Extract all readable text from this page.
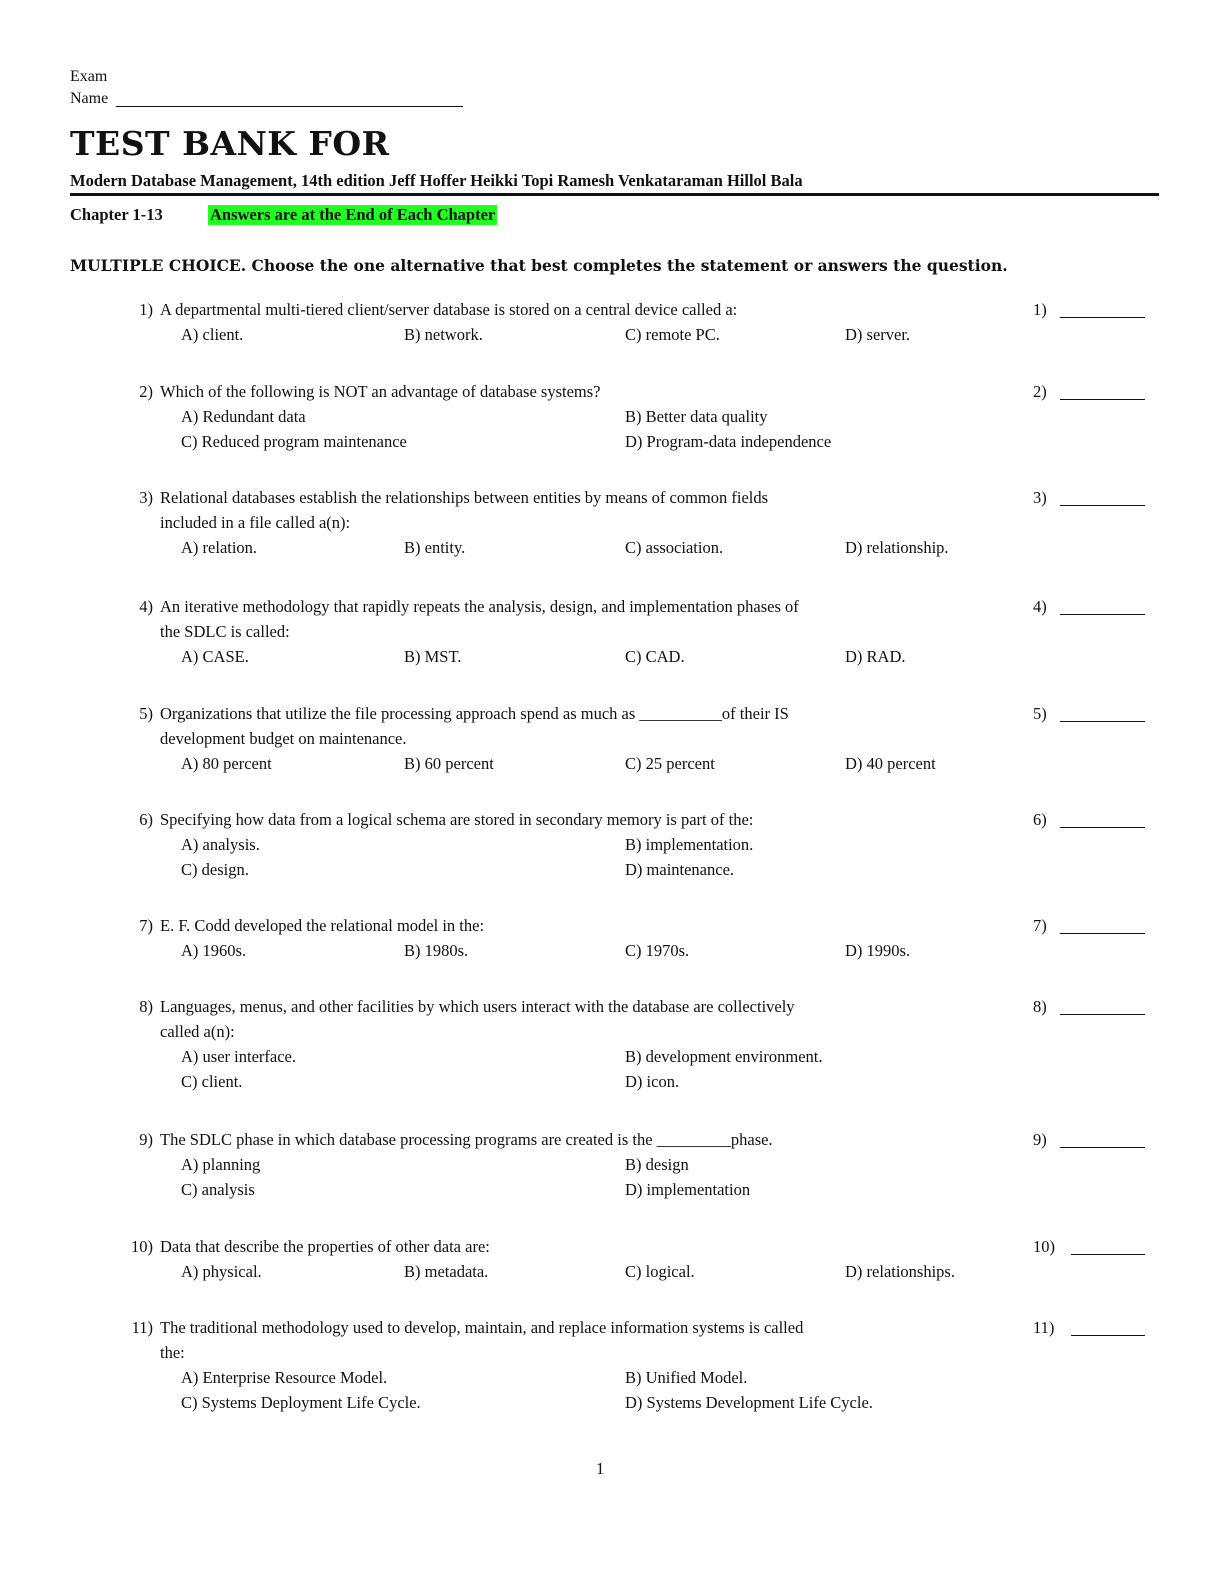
Exam
Name
TEST BANK FOR
Modern Database Management, 14th edition Jeff Hoffer Heikki Topi Ramesh Venkataraman Hillol Bala
Chapter 1-13	Answers are at the End of Each Chapter
MULTIPLE CHOICE. Choose the one alternative that best completes the statement or answers the question.
1) A departmental multi-tiered client/server database is stored on a central device called a:
A) client.	B) network.	C) remote PC.	D) server.
1)
2) Which of the following is NOT an advantage of database systems?
A) Redundant data	B) Better data quality
C) Reduced program maintenance	D) Program-data independence
2)
3) Relational databases establish the relationships between entities by means of common fields
included in a file called a(n):
A) relation.	B) entity.	C) association.	D) relationship.
3)
4) An iterative methodology that rapidly repeats the analysis, design, and implementation phases of
the SDLC is called:
A) CASE.	B) MST.	C) CAD.	D) RAD.
4)
5) Organizations that utilize the file processing approach spend as much as __________of their IS
development budget on maintenance.
A) 80 percent	B) 60 percent	C) 25 percent	D) 40 percent
5)
6) Specifying how data from a logical schema are stored in secondary memory is part of the:
A) analysis.	B) implementation.
C) design.	D) maintenance.
6)
7) E. F. Codd developed the relational model in the:
A) 1960s.	B) 1980s.	C) 1970s.	D) 1990s.
7)
8) Languages, menus, and other facilities by which users interact with the database are collectively
called a(n):
A) user interface.	B) development environment.
C) client.	D) icon.
8)
9) The SDLC phase in which database processing programs are created is the _________phase.
A) planning	B) design
C) analysis	D) implementation
9)
10) Data that describe the properties of other data are:
A) physical.	B) metadata.	C) logical.	D) relationships.
10)
11) The traditional methodology used to develop, maintain, and replace information systems is called
the:
A) Enterprise Resource Model.	B) Unified Model.
C) Systems Deployment Life Cycle.	D) Systems Development Life Cycle.
11)
1
